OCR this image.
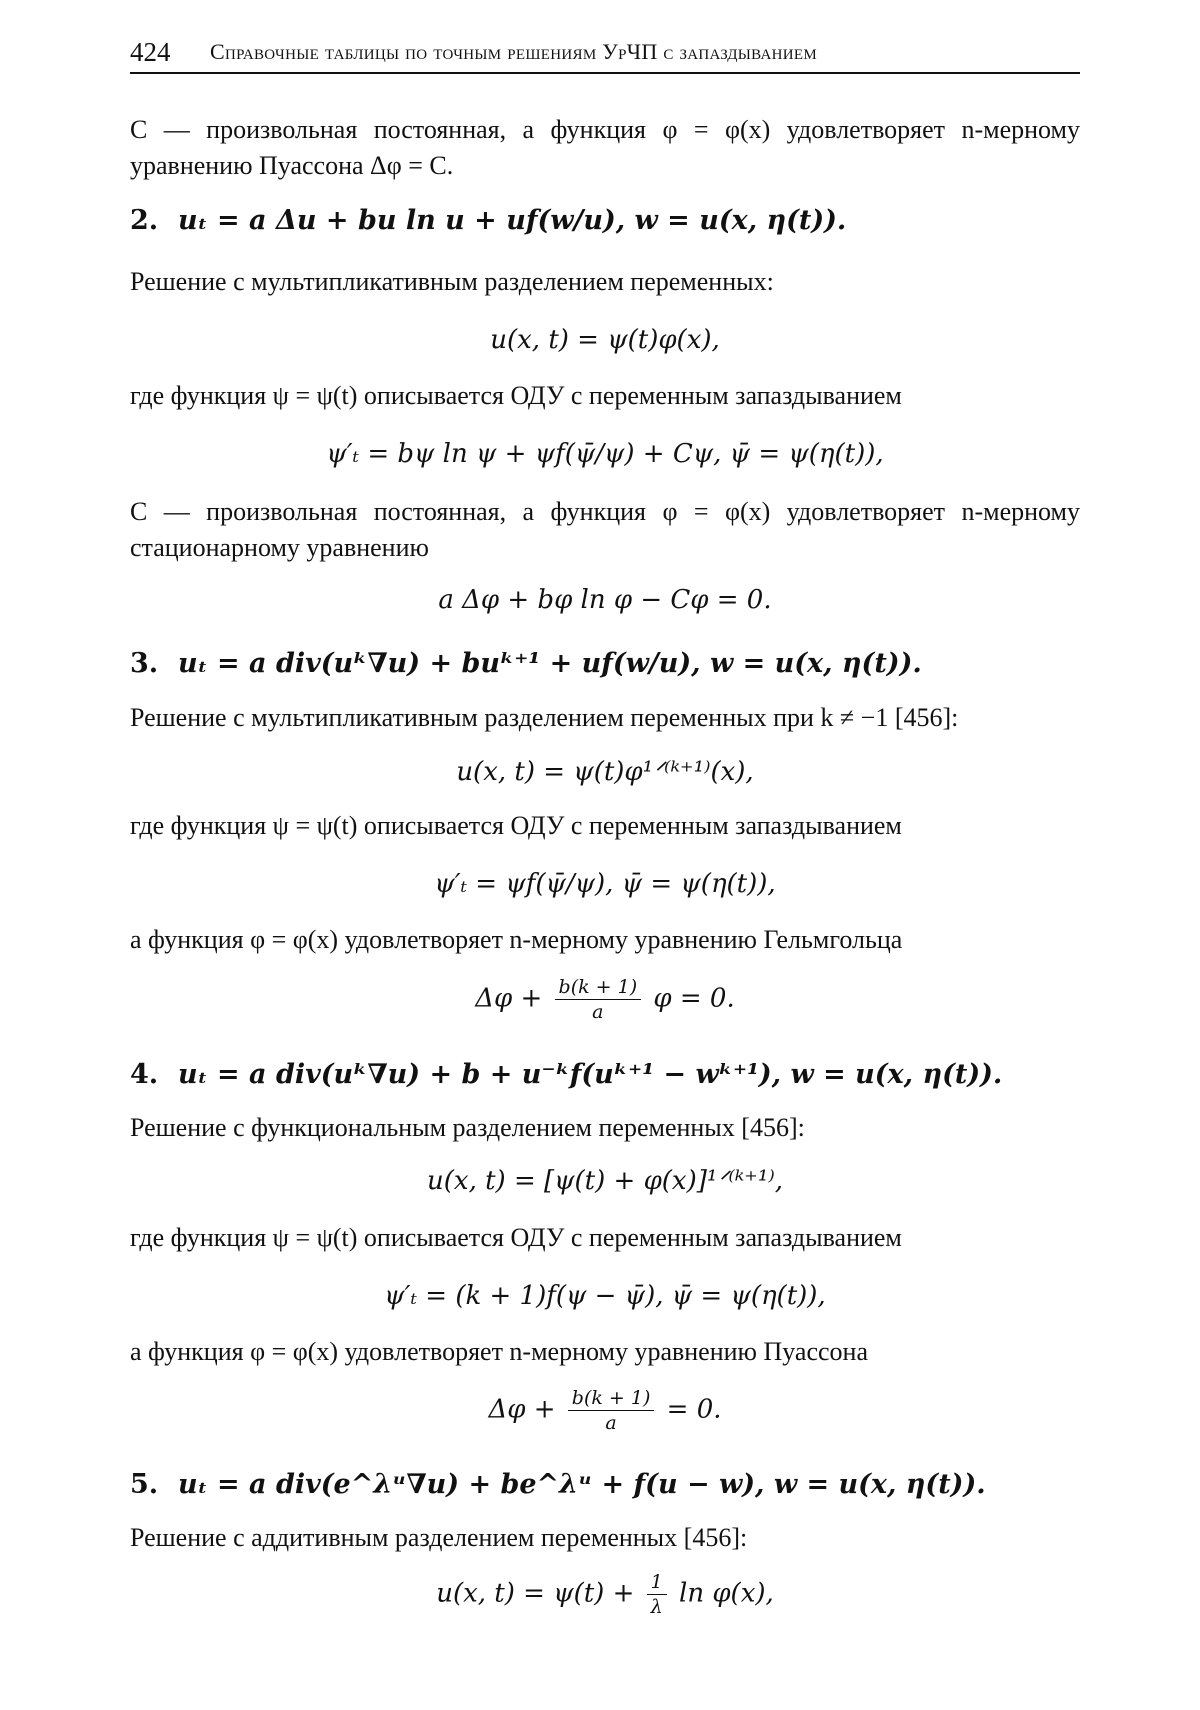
424	Справочные таблицы по точным решениям УрЧП с запаздыванием
C — произвольная постоянная, а функция φ = φ(x) удовлетворяет n-мерному уравнению Пуассона Δφ = C.
2. uₜ = a Δu + bu ln u + uf(w/u), w = u(x, η(t)).
Решение с мультипликативным разделением переменных:
u(x, t) = ψ(t)φ(x),
где функция ψ = ψ(t) описывается ОДУ с переменным запаздыванием
ψ′ₜ = bψ ln ψ + ψf(ψ̄/ψ) + Cψ, ψ̄ = ψ(η(t)),
C — произвольная постоянная, а функция φ = φ(x) удовлетворяет n-мерному стационарному уравнению
a Δφ + bφ ln φ − Cφ = 0.
3. uₜ = a div(uᵏ∇u) + buᵏ⁺¹ + uf(w/u), w = u(x, η(t)).
Решение с мультипликативным разделением переменных при k ≠ −1 [456]:
u(x, t) = ψ(t)φ¹ᐟ⁽ᵏ⁺¹⁾(x),
где функция ψ = ψ(t) описывается ОДУ с переменным запаздыванием
ψ′ₜ = ψf(ψ̄/ψ), ψ̄ = ψ(η(t)),
а функция φ = φ(x) удовлетворяет n-мерному уравнению Гельмгольца
$\Delta\varphi + \frac{b(k + 1)}{a}$ φ = 0.
4. uₜ = a div(uᵏ∇u) + b + u⁻ᵏf(uᵏ⁺¹ − wᵏ⁺¹), w = u(x, η(t)).
Решение с функциональным разделением переменных [456]:
u(x, t) = [ψ(t) + φ(x)]¹ᐟ⁽ᵏ⁺¹⁾,
где функция ψ = ψ(t) описывается ОДУ с переменным запаздыванием
ψ′ₜ = (k + 1)f(ψ − ψ̄), ψ̄ = ψ(η(t)),
а функция φ = φ(x) удовлетворяет n-мерному уравнению Пуассона
$\Delta\varphi + \frac{b(k + 1)}{a} = 0$.
5. uₜ = a div(e^λᵘ∇u) + be^λᵘ + f(u − w), w = u(x, η(t)).
Решение с аддитивным разделением переменных [456]:
u(x, $t) = \psi(t) + \frac{1}{\lambda}$ ln φ(x),
